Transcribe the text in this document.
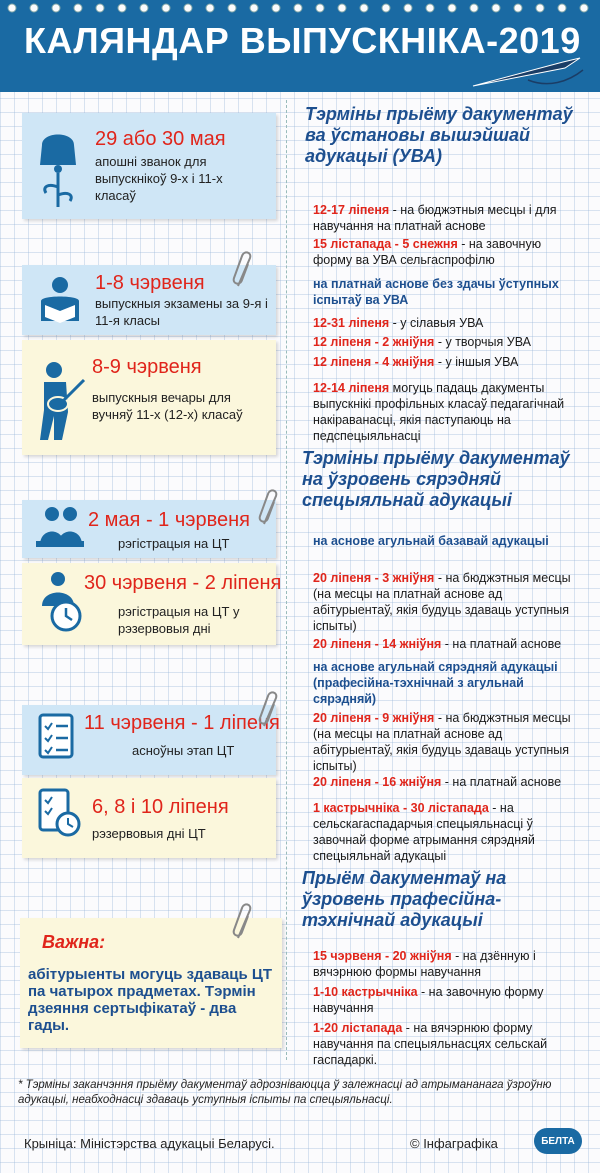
КАЛЯНДАР ВЫПУСКНІКА-2019
29 або 30 мая
апошні званок для выпускнікоў 9-х і 11-х класаў
1-8 чэрвеня
выпускныя экзамены за 9-я і 11-я класы
8-9 чэрвеня
выпускныя вечары для вучняў 11-х (12-х) класаў
2 мая - 1 чэрвеня
рэгістрацыя на ЦТ
30 чэрвеня - 2 ліпеня
рэгістрацыя на ЦТ у рэзервовыя дні
11 чэрвеня - 1 ліпеня
асноўны этап ЦТ
6, 8 і 10 ліпеня
рэзервовыя дні ЦТ
Важна:
абітурыенты могуць здаваць ЦТ па чатырох прадметах. Тэрмін дзеяння сертыфікатаў - два гады.
Тэрміны прыёму дакументаў ва ўстановы вышэйшай адукацыі (УВА)
12-17 ліпеня - на бюджэтныя месцы і для навучання на платнай аснове
15 лістапада - 5 снежня - на завочную форму ва УВА сельгаспрофілю
на платнай аснове без здачы ўступных іспытаў ва УВА
12-31 ліпеня - у сілавыя УВА
12 ліпеня - 2 жніўня - у творчыя УВА
12 ліпеня - 4 жніўня - у іншыя УВА
12-14 ліпеня могуць падаць дакументы выпускнікі профільных класаў педагагічнай накіраванасці, якія паступаюць на педспецыяльнасці
Тэрміны прыёму дакументаў на ўзровень сярэдняй спецыяльнай адукацыі
на аснове агульнай базавай адукацыі
20 ліпеня - 3 жніўня - на бюджэтныя месцы (на месцы на платнай аснове ад абітурыентаў, якія будуць здаваць уступныя іспыты)
20 ліпеня - 14 жніўня - на платнай аснове
на аснове агульнай сярэдняй адукацыі (прафесійна-тэхнічнай з агульнай сярэдняй)
20 ліпеня - 9 жніўня - на бюджэтныя месцы (на месцы на платнай аснове ад абітурыентаў, якія будуць здаваць уступныя іспыты)
20 ліпеня - 16 жніўня - на платнай аснове
1 кастрычніка - 30 лістапада - на сельскагаспадарчыя спецыяльнасці ў завочнай форме атрымання сярэдняй спецыяльнай адукацыі
Прыём дакументаў на ўзровень прафесійна-тэхнічнай адукацыі
15 чэрвеня - 20 жніўня - на дзённую і вячэрнюю формы навучання
1-10 кастрычніка - на завочную форму навучання
1-20 лістапада - на вячэрнюю форму навучання па спецыяльнасцях сельскай гаспадаркі.
* Тэрміны заканчэння прыёму дакументаў адрозніваюцца ў залежнасці ад атрымананага ўзроўню адукацыі, неабходнасці здаваць уступныя іспыты па спецыяльнасці.
Крыніца: Міністэрства адукацыі Беларусі.	© Інфаграфіка	БЕЛТА
